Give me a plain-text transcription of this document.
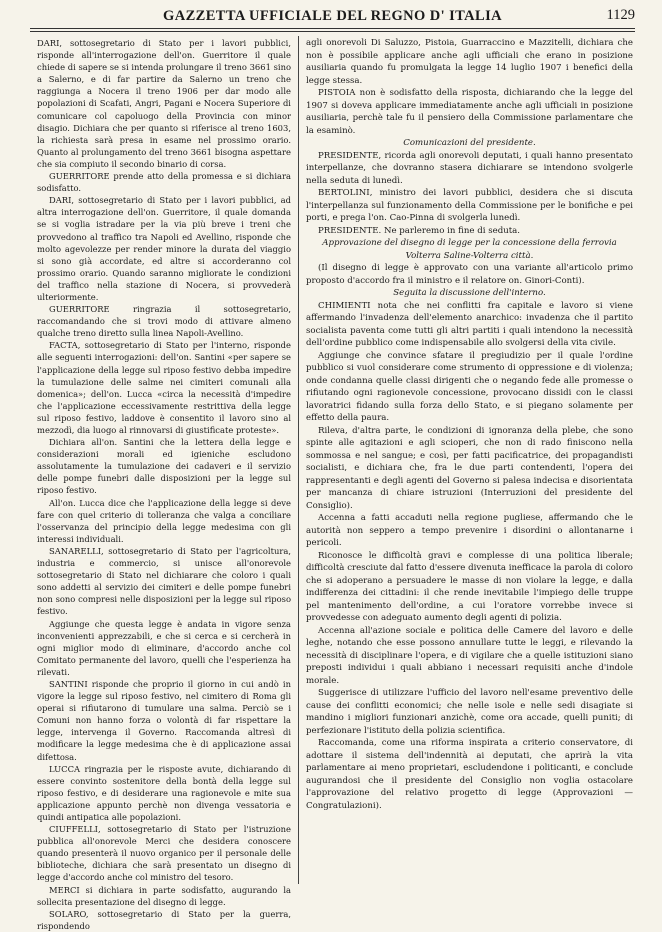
GAZZETTA UFFICIALE DEL REGNO D' ITALIA	1129

DARI, sottosegretario di Stato per i lavori pubblici, risponde all'interrogazione dell'on. Guerritore il quale chiede di sapere se si intenda prolungare il treno 3661 sino a Salerno, e di far partire da Salerno un treno che raggiunga a Nocera il treno 1906 per dar modo alle popolazioni di Scafati, Angri, Pagani e Nocera Superiore di comunicare col capoluogo della Provincia con minor disagio. Dichiara che per quanto si riferisce al treno 1603, la richiesta sarà presa in esame nel prossimo orario. Quanto al prolungamento del treno 3661 bisogna aspettare che sia compiuto il secondo binario di corsa.

GUERRITORE prende atto della promessa e si dichiara sodisfatto.

DARI, sottosegretario di Stato per i lavori pubblici, ad altra interrogazione dell'on. Guerritore, il quale domanda se si voglia istradare per la via più breve i treni che provvedono al traffico tra Napoli ed Avellino, risponde che molto agevolezze per render minore la durata del viaggio si sono già accordate, ed altre si accorderanno col prossimo orario. Quando saranno migliorate le condizioni del traffico nella stazione di Nocera, si provvederà ulteriormente.

GUERRITORE ringrazia il sottosegretario, raccomandando che si trovi modo di attivare almeno qualche treno diretto sulla linea Napoli-Avellino.

FACTA, sottosegretario di Stato per l'interno, risponde alle seguenti interrogazioni: dell'on. Santini «per sapere se l'applicazione della legge sul riposo festivo debba impedire la tumulazione delle salme nei cimiteri comunali alla domenica»; dell'on. Lucca «circa la necessità d'impedire che l'applicazione eccessivamente restrittiva della legge sul riposo festivo, laddove è consentito il lavoro sino al mezzodì, dia luogo al rinnovarsi di giustificate proteste».

Dichiara all'on. Santini che la lettera della legge e considerazioni morali ed igieniche escludono assolutamente la tumulazione dei cadaveri e il servizio delle pompe funebri dalle disposizioni per la legge sul riposo festivo.

All'on. Lucca dice che l'applicazione della legge si deve fare con quel criterio di tolleranza che valga a conciliare l'osservanza del principio della legge medesima con gli interessi individuali.

SANARELLI, sottosegretario di Stato per l'agricoltura, industria e commercio, si unisce all'onorevole sottosegretario di Stato nel dichiarare che coloro i quali sono addetti al servizio dei cimiteri e delle pompe funebri non sono compresi nelle disposizioni per la legge sul riposo festivo.

Aggiunge che questa legge è andata in vigore senza inconvenienti apprezzabili, e che si cerca e si cercherà in ogni miglior modo di eliminare, d'accordo anche col Comitato permanente del lavoro, quelli che l'esperienza ha rilevati.

SANTINI risponde che proprio il giorno in cui andò in vigore la legge sul riposo festivo, nel cimitero di Roma gli operai si rifiutarono di tumulare una salma. Perciò se i Comuni non hanno forza o volontà di far rispettare la legge, intervenga il Governo. Raccomanda altresì di modificare la legge medesima che è di applicazione assai difettosa.

LUCCA ringrazia per le risposte avute, dichiarando di essere convinto sostenitore della bontà della legge sul riposo festivo, e di desiderare una ragionevole e mite sua applicazione appunto perchè non divenga vessatoria e quindi antipatica alle popolazioni.

CIUFFELLI, sottosegretario di Stato per l'istruzione pubblica all'onorevole Merci che desidera conoscere quando presenterà il nuovo organico per il personale delle biblioteche, dichiara che sarà presentato un disegno di legge d'accordo anche col ministro del tesoro.

MERCI si dichiara in parte sodisfatto, augurando la sollecita presentazione del disegno di legge.

SOLARO, sottosegretario di Stato per la guerra, rispondendo

agli onorevoli Di Saluzzo, Pistoia, Guarraccino e Mazzitelli, dichiara che non è possibile applicare anche agli ufficiali che erano in posizione ausiliaria quando fu promulgata la legge 14 luglio 1907 i benefici della legge stessa.

PISTOIA non è sodisfatto della risposta, dichiarando che la legge del 1907 si doveva applicare immediatamente anche agli ufficiali in posizione ausiliaria, perchè tale fu il pensiero della Commissione parlamentare che la esaminò.

Comunicazioni del presidente.

PRESIDENTE, ricorda agli onorevoli deputati, i quali hanno presentato interpellanze, che dovranno stasera dichiarare se intendono svolgerle nella seduta di lunedì.

BERTOLINI, ministro dei lavori pubblici, desidera che si discuta l'interpellanza sul funzionamento della Commissione per le bonifiche e pei porti, e prega l'on. Cao-Pinna di svolgerla lunedì.

PRESIDENTE. Ne parleremo in fine di seduta.

Approvazione del disegno di legge per la concessione della ferrovia Volterra Saline-Volterra città.

(Il disegno di legge è approvato con una variante all'articolo primo proposto d'accordo fra il ministro e il relatore on. Ginori-Conti).

Seguita la discussione dell'interno.

CHIMIENTI nota che nei conflitti fra capitale e lavoro si viene affermando l'invadenza dell'elemento anarchico: invadenza che il partito socialista paventa come tutti gli altri partiti i quali intendono la necessità dell'ordine pubblico come indispensabile allo svolgersi della vita civile.

Aggiunge che convince sfatare il pregiudizio per il quale l'ordine pubblico si vuol considerare come strumento di oppressione e di violenza; onde condanna quelle classi dirigenti che o negando fede alle promesse o rifiutando ogni ragionevole concessione, provocano dissidi con le classi lavoratrici fidando sulla forza dello Stato, e si piegano solamente per effetto della paura.

Rileva, d'altra parte, le condizioni di ignoranza della plebe, che sono spinte alle agitazioni e agli scioperi, che non di rado finiscono nella sommossa e nel sangue; e così, per fatti pacificatrice, dei propagandisti socialisti, e dichiara che, fra le due parti contendenti, l'opera dei rappresentanti e degli agenti del Governo si palesa indecisa e disorientata per mancanza di chiare istruzioni (Interruzioni del presidente del Consiglio).

Accenna a fatti accaduti nella regione pugliese, affermando che le autorità non seppero a tempo prevenire i disordini o allontanarne i pericoli.

Riconosce le difficoltà gravi e complesse di una politica liberale; difficoltà cresciute dal fatto d'essere divenuta inefficace la parola di coloro che si adoperano a persuadere le masse di non violare la legge, e dalla indifferenza dei cittadini: il che rende inevitabile l'impiego delle truppe pel mantenimento dell'ordine, a cui l'oratore vorrebbe invece si provvedesse con adeguato aumento degli agenti di polizia.

Accenna all'azione sociale e politica delle Camere del lavoro e delle leghe, notando che esse possono annullare tutte le leggi, e rilevando la necessità di disciplinare l'opera, e di vigilare che a quelle istituzioni siano preposti individui i quali abbiano i necessari requisiti anche d'indole morale.

Suggerisce di utilizzare l'ufficio del lavoro nell'esame preventivo delle cause dei conflitti economici; che nelle isole e nelle sedi disagiate si mandino i migliori funzionari anzichè, come ora accade, quelli puniti; di perfezionare l'istituto della polizia scientifica.

Raccomanda, come una riforma inspirata a criterio conservatore, di adottare il sistema dell'indennità ai deputati, che aprirà la vita parlamentare ai meno proprietari, escludendone i politicanti, e conclude augurandosi che il presidente del Consiglio non voglia ostacolare l'approvazione del relativo progetto di legge (Approvazioni — Congratulazioni).
